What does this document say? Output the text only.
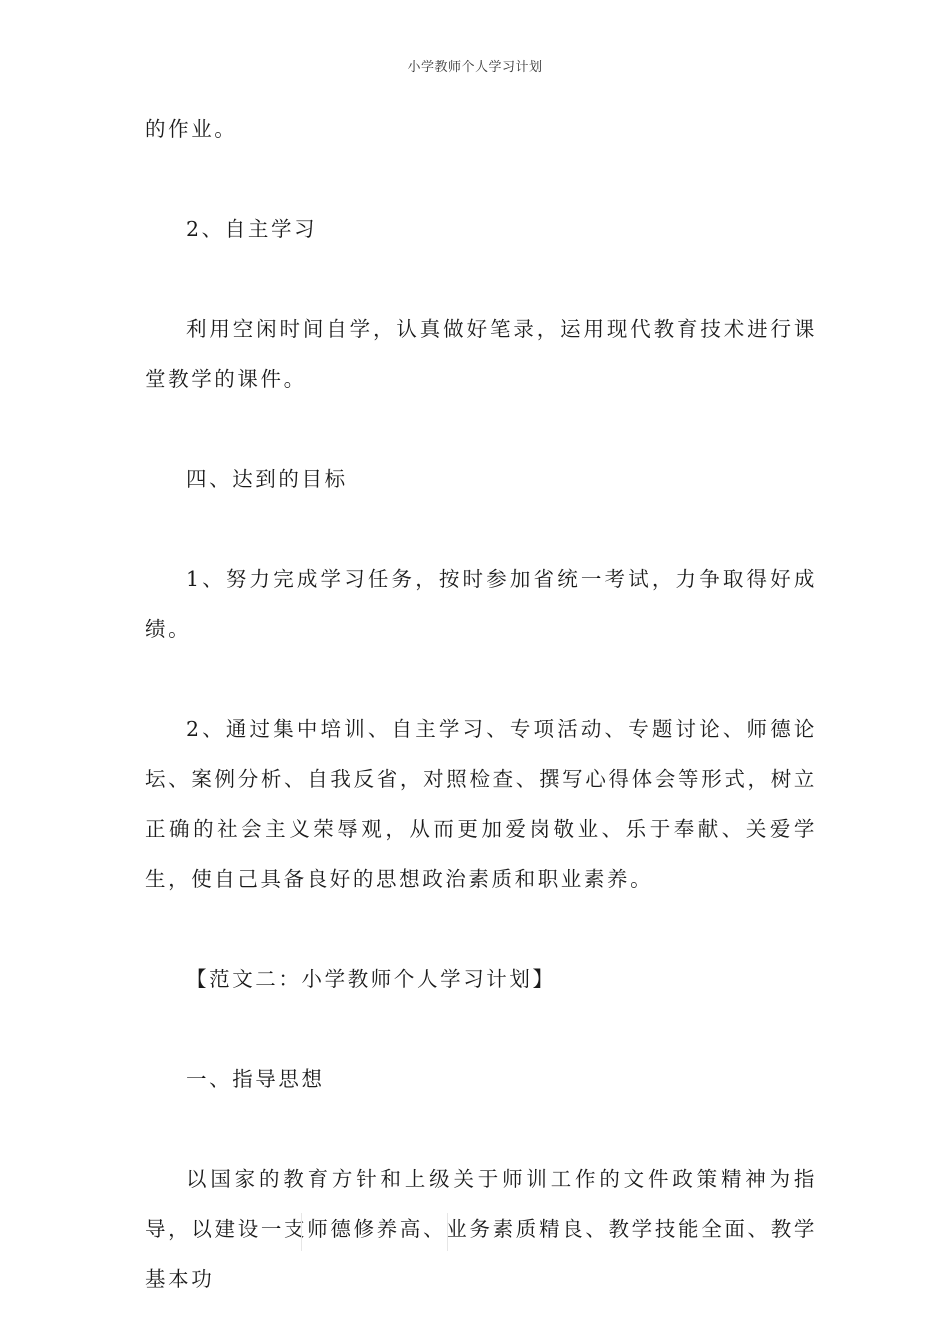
小学教师个人学习计划

的作业。

2、自主学习

利用空闲时间自学，认真做好笔录，运用现代教育技术进行课堂教学的课件。

四、达到的目标

1、努力完成学习任务，按时参加省统一考试，力争取得好成绩。

2、通过集中培训、自主学习、专项活动、专题讨论、师德论坛、案例分析、自我反省，对照检查、撰写心得体会等形式，树立正确的社会主义荣辱观，从而更加爱岗敬业、乐于奉献、关爱学生，使自己具备良好的思想政治素质和职业素养。

【范文二：小学教师个人学习计划】

一、指导思想

以国家的教育方针和上级关于师训工作的文件政策精神为指导，以建设一支师德修养高、业务素质精良、教学技能全面、教学基本功
